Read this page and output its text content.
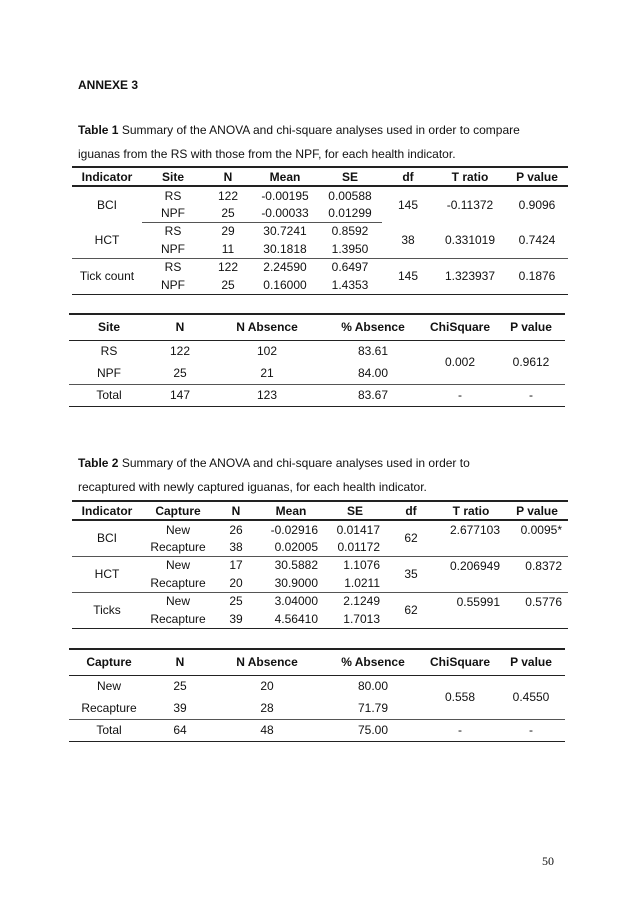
ANNEXE 3
Table 1 Summary of the ANOVA and chi-square analyses used in order to compare
iguanas from the RS with those from the NPF, for each health indicator.
Indicator	Site	N	Mean	SE	df	T ratio	P value
BCI	RS	122	-0.00195	0.00588	145	-0.11372	0.9096
	NPF	25	-0.00033	0.01299			
HCT	RS	29	30.7241	0.8592	38	0.331019	0.7424
	NPF	11	30.1818	1.3950			
Tick count	RS	122	2.24590	0.6497	145	1.323937	0.1876
	NPF	25	0.16000	1.4353			
Site	N	N Absence	% Absence	ChiSquare	P value
RS	122	102	83.61	0.002	0.9612
NPF	25	21	84.00		
Total	147	123	83.67	-	-
Table 2 Summary of the ANOVA and chi-square analyses used in order to
recaptured with newly captured iguanas, for each health indicator.
Indicator	Capture	N	Mean	SE	df	T ratio	P value
BCI	New	26	-0.02916	0.01417	62	2.677103	0.0095*
	Recapture	38	0.02005	0.01172			
HCT	New	17	30.5882	1.1076	35	0.206949	0.8372
	Recapture	20	30.9000	1.0211			
Ticks	New	25	3.04000	2.1249	62	0.55991	0.5776
	Recapture	39	4.56410	1.7013			
Capture	N	N Absence	% Absence	ChiSquare	P value
New	25	20	80.00	0.558	0.4550
Recapture	39	28	71.79		
Total	64	48	75.00	-	-
50
